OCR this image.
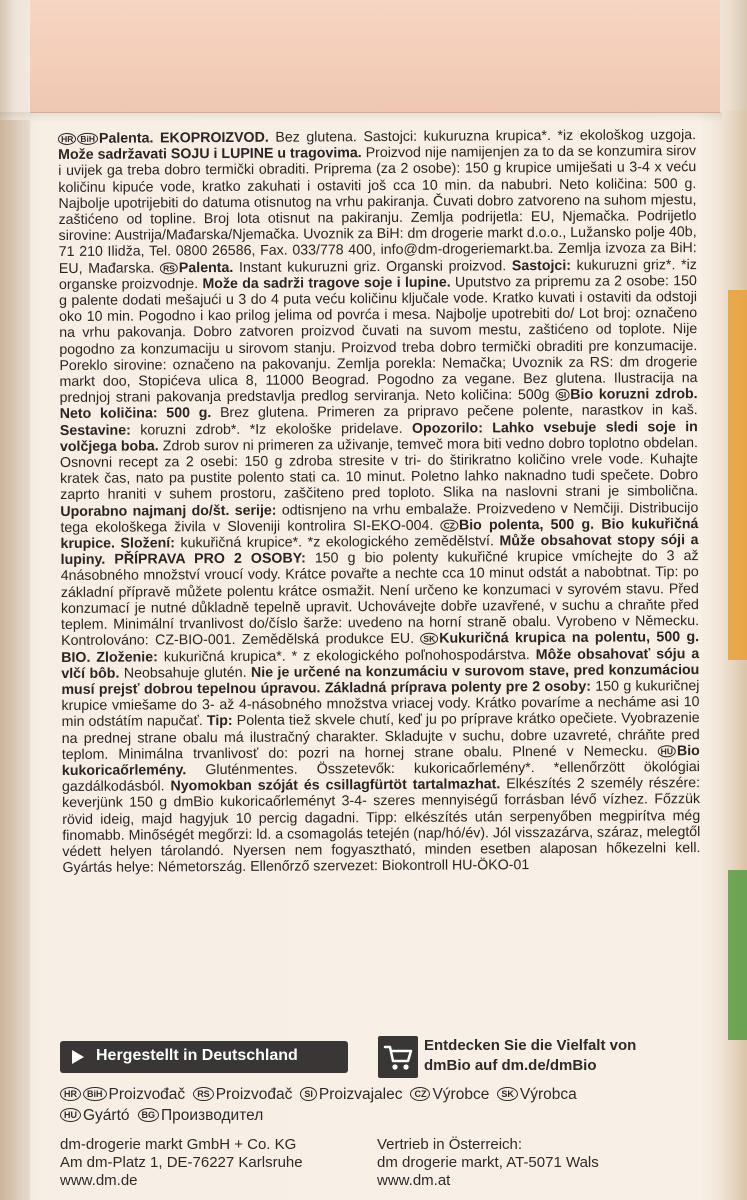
HR BiH Palenta. EKOPROIZVOD. Bez glutena. Sastojci: kukuruzna krupica*. *iz ekološkog uzgoja. Može sadržavati SOJU i LUPINE u tragovima. Proizvod nije namijenjen za to da se konzumira sirov i uvijek ga treba dobro termički obraditi. Priprema (za 2 osobe): 150 g krupice umiješati u 3-4 x veću količinu kipuće vode, kratko zakuhati i ostaviti još cca 10 min. da nabubri. Neto količina: 500 g. Najbolje upotrijebiti do datuma otisnutog na vrhu pakiranja. Čuvati dobro zatvoreno na suhom mjestu, zaštićeno od topline. Broj lota otisnut na pakiranju. Zemlja podrijetla: EU, Njemačka. Podrijetlo sirovine: Austrija/Mađarska/Njemačka. Uvoznik za BiH: dm drogerie markt d.o.o., Lužansko polje 40b, 71 210 Ilidža, Tel. 0800 26586, Fax. 033/778 400, info@dm-drogeriemarkt.ba. Zemlja izvoza za BiH: EU, Mađarska. RS Palenta. Instant kukuruzni griz. Organski proizvod. Sastojci: kukuruzni griz*. *iz organske proizvodnje. Može da sadrži tragove soje i lupine. Uputstvo za pripremu za 2 osobe: 150 g palente dodati mešajući u 3 do 4 puta veću količinu ključale vode. Kratko kuvati i ostaviti da odstoji oko 10 min. Pogodno i kao prilog jelima od povrća i mesa. Najbolje upotrebiti do/ Lot broj: označeno na vrhu pakovanja. Dobro zatvoren proizvod čuvati na suvom mestu, zaštićeno od toplote. Nije pogodno za konzumaciju u sirovom stanju. Proizvod treba dobro termički obraditi pre konzumacije. Poreklo sirovine: označeno na pakovanju. Zemlja porekla: Nemačka; Uvoznik za RS: dm drogerie markt doo, Stopićeva ulica 8, 11000 Beograd. Pogodno za vegane. Bez glutena. Ilustracija na prednjoj strani pakovanja predstavlja predlog serviranja. Neto količina: 500g SI Bio koruzni zdrob. Neto količina: 500 g. Brez glutena. Primeren za pripravo pečene polente, narastkov in kaš. Sestavine: koruzni zdrob*. *Iz ekološke pridelave. Opozorilo: Lahko vsebuje sledi soje in volčjega boba. Zdrob surov ni primeren za uživanje, temveč mora biti vedno dobro toplotno obdelan. Osnovni recept za 2 osebi: 150 g zdroba stresite v tri- do štirikratno količino vrele vode. Kuhajte kratek čas, nato pa pustite polento stati ca. 10 minut. Poletno lahko naknadno tudi spečete. Dobro zaprto hraniti v suhem prostoru, zaščiteno pred toploto. Slika na naslovni strani je simbolična. Uporabno najmanj do/št. serije: odtisnjeno na vrhu embalaže. Proizvedeno v Nemčiji. Distribucijo tega ekološkega živila v Sloveniji kontrolira SI-EKO-004. CZ Bio polenta, 500 g. Bio kukuřičná krupice. Složení: kukuřičná krupice*. *z ekologického zemědělství. Může obsahovat stopy sóji a lupiny. PŘÍPRAVA PRO 2 OSOBY: 150 g bio polenty kukuřičné krupice vmíchejte do 3 až 4násobného množství vroucí vody. Krátce povařte a nechte cca 10 minut odstát a nabobtnat. Tip: po základní přípravě můžete polentu krátce osmažit. Není určeno ke konzumaci v syrovém stavu. Před konzumací je nutné důkladně tepelně upravit. Uchovávejte dobře uzavřené, v suchu a chraňte před teplem. Minimální trvanlivost do/číslo šarže: uvedeno na horní straně obalu. Vyrobeno v Německu. Kontrolováno: CZ-BIO-001. Zemědělská produkce EU. SK Kukuričná krupica na polentu, 500 g. BIO. Zloženie: kukuričná krupica*. * z ekologického poľnohospodárstva. Môže obsahovať sóju a vlčí bôb. Neobsahuje glutén. Nie je určené na konzumáciu v surovom stave, pred konzumáciou musí prejsť dobrou tepelnou úpravou. Základná príprava polenty pre 2 osoby: 150 g kukuričnej krupice vmiešame do 3- až 4-násobného množstva vriacej vody. Krátko povaríme a necháme asi 10 min odstátím napučať. Tip: Polenta tiež skvele chutí, keď ju po príprave krátko opečiete. Vyobrazenie na prednej strane obalu má ilustračný charakter. Skladujte v suchu, dobre uzavreté, chráňte pred teplom. Minimálna trvanlivosť do: pozri na hornej strane obalu. Plnené v Nemecku. HU Bio kukoricaőrlemény. Gluténmentes. Összetevők: kukoricaőrlemény*. *ellenőrzött ökológiai gazdálkodásból. Nyomokban szóját és csillagfürtöt tartalmazhat. Elkészítés 2 személy részére: keverjünk 150 g dmBio kukoricaőrleményt 3-4- szeres mennyiségű forrásban lévő vízhez. Főzzük rövid ideig, majd hagyjuk 10 percig dagadni. Tipp: elkészítés után serpenyőben megpirítva még finomabb. Minőségét megőrzi: ld. a csomagolás tetején (nap/hó/év). Jól visszazárva, száraz, melegtől védett helyen tárolandó. Nyersen nem fogyasztható, minden esetben alaposan hőkezelni kell. Gyártás helye: Németország. Ellenőrző szervezet: Biokontroll HU-ÖKO-01

Hergestellt in Deutschland
Entdecken Sie die Vielfalt von
dmBio auf dm.de/dmBio
HR BiH Proizvođač RS Proizvođač SI Proizvajalec CZ Výrobce SK Výrobca
HU Gyártó BG Производител
dm-drogerie markt GmbH + Co. KG
Am dm-Platz 1, DE-76227 Karlsruhe
www.dm.de
Vertrieb in Österreich:
dm drogerie markt, AT-5071 Wals
www.dm.at
